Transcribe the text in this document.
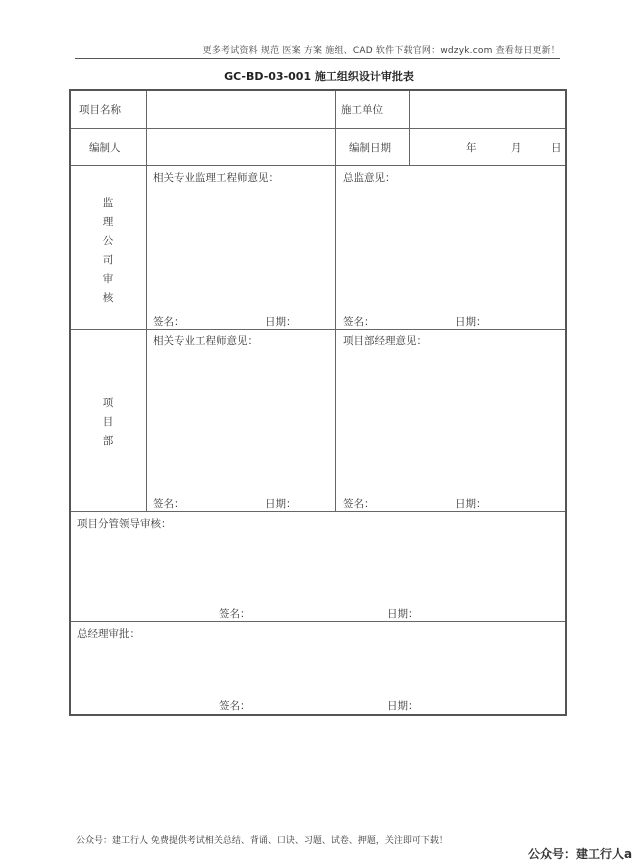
更多考试资料 规范 医案 方案 施组、CAD 软件下载官网：wdzyk.com 查看每日更新！
GC-BD-03-001 施工组织设计审批表
项目名称	施工单位
编制人	编制日期	年	月	日
监
理
公
司
审
核
相关专业监理工程师意见：	总监意见：
签名：	日期：	签名：	日期：
项
目
部
相关专业工程师意见：	项目部经理意见：
签名：	日期：	签名：	日期：
项目分管领导审核：
签名：	日期：
总经理审批：
签名：	日期：
公众号：建工行人 免费提供考试相关总结、背诵、口诀、习题、试卷、押题，关注即可下载！
公众号：建工行人a
